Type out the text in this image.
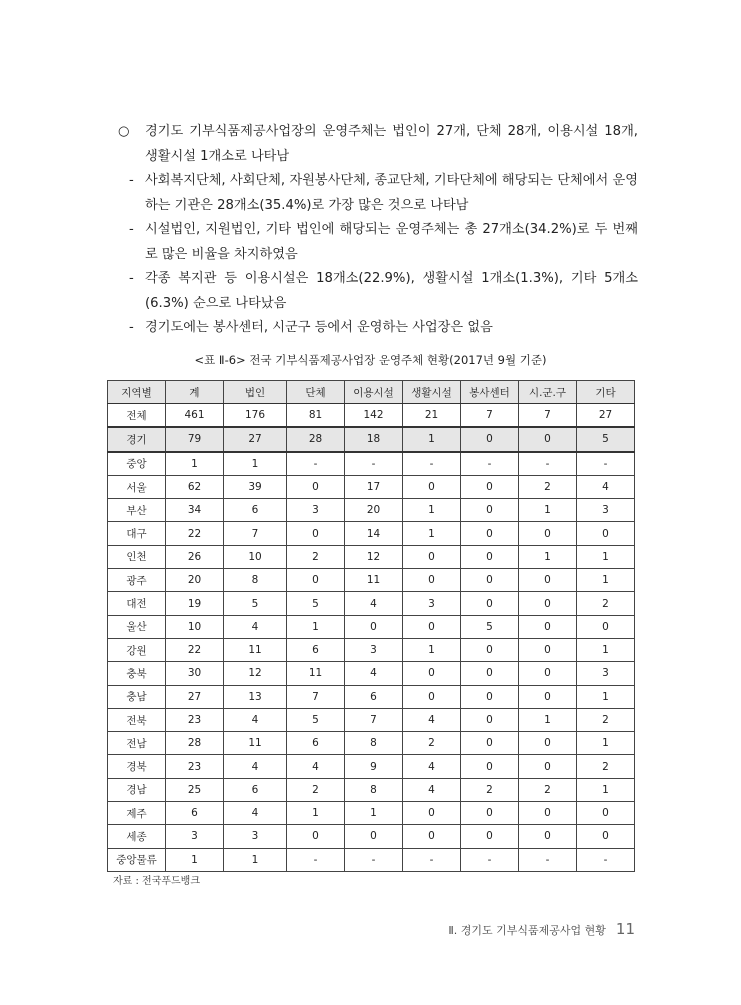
○ 경기도 기부식품제공사업장의 운영주체는 법인이 27개, 단체 28개, 이용시설 18개, 생활시설 1개소로 나타남

- 사회복지단체, 사회단체, 자원봉사단체, 종교단체, 기타단체에 해당되는 단체에서 운영하는 기관은 28개소(35.4%)로 가장 많은 것으로 나타남

- 시설법인, 지원법인, 기타 법인에 해당되는 운영주체는 총 27개소(34.2%)로 두 번째로 많은 비율을 차지하였음

- 각종 복지관 등 이용시설은 18개소(22.9%), 생활시설 1개소(1.3%), 기타 5개소(6.3%) 순으로 나타났음

- 경기도에는 봉사센터, 시군구 등에서 운영하는 사업장은 없음

<표 Ⅱ-6> 전국 기부식품제공사업장 운영주체 현황(2017년 9월 기준)
지역별	계	법인	단체	이용시설	생활시설	봉사센터	시.군.구	기타
전체	461	176	81	142	21	7	7	27
경기	79	27	28	18	1	0	0	5
중앙	1	1	-	-	-	-	-	-
서울	62	39	0	17	0	0	2	4
부산	34	6	3	20	1	0	1	3
대구	22	7	0	14	1	0	0	0
인천	26	10	2	12	0	0	1	1
광주	20	8	0	11	0	0	0	1
대전	19	5	5	4	3	0	0	2
울산	10	4	1	0	0	5	0	0
강원	22	11	6	3	1	0	0	1
충북	30	12	11	4	0	0	0	3
충남	27	13	7	6	0	0	0	1
전북	23	4	5	7	4	0	1	2
전남	28	11	6	8	2	0	0	1
경북	23	4	4	9	4	0	0	2
경남	25	6	2	8	4	2	2	1
제주	6	4	1	1	0	0	0	0
세종	3	3	0	0	0	0	0	0
중앙물류	1	1	-	-	-	-	-	-
자료 : 전국푸드뱅크
Ⅱ. 경기도 기부식품제공사업 현황 11
